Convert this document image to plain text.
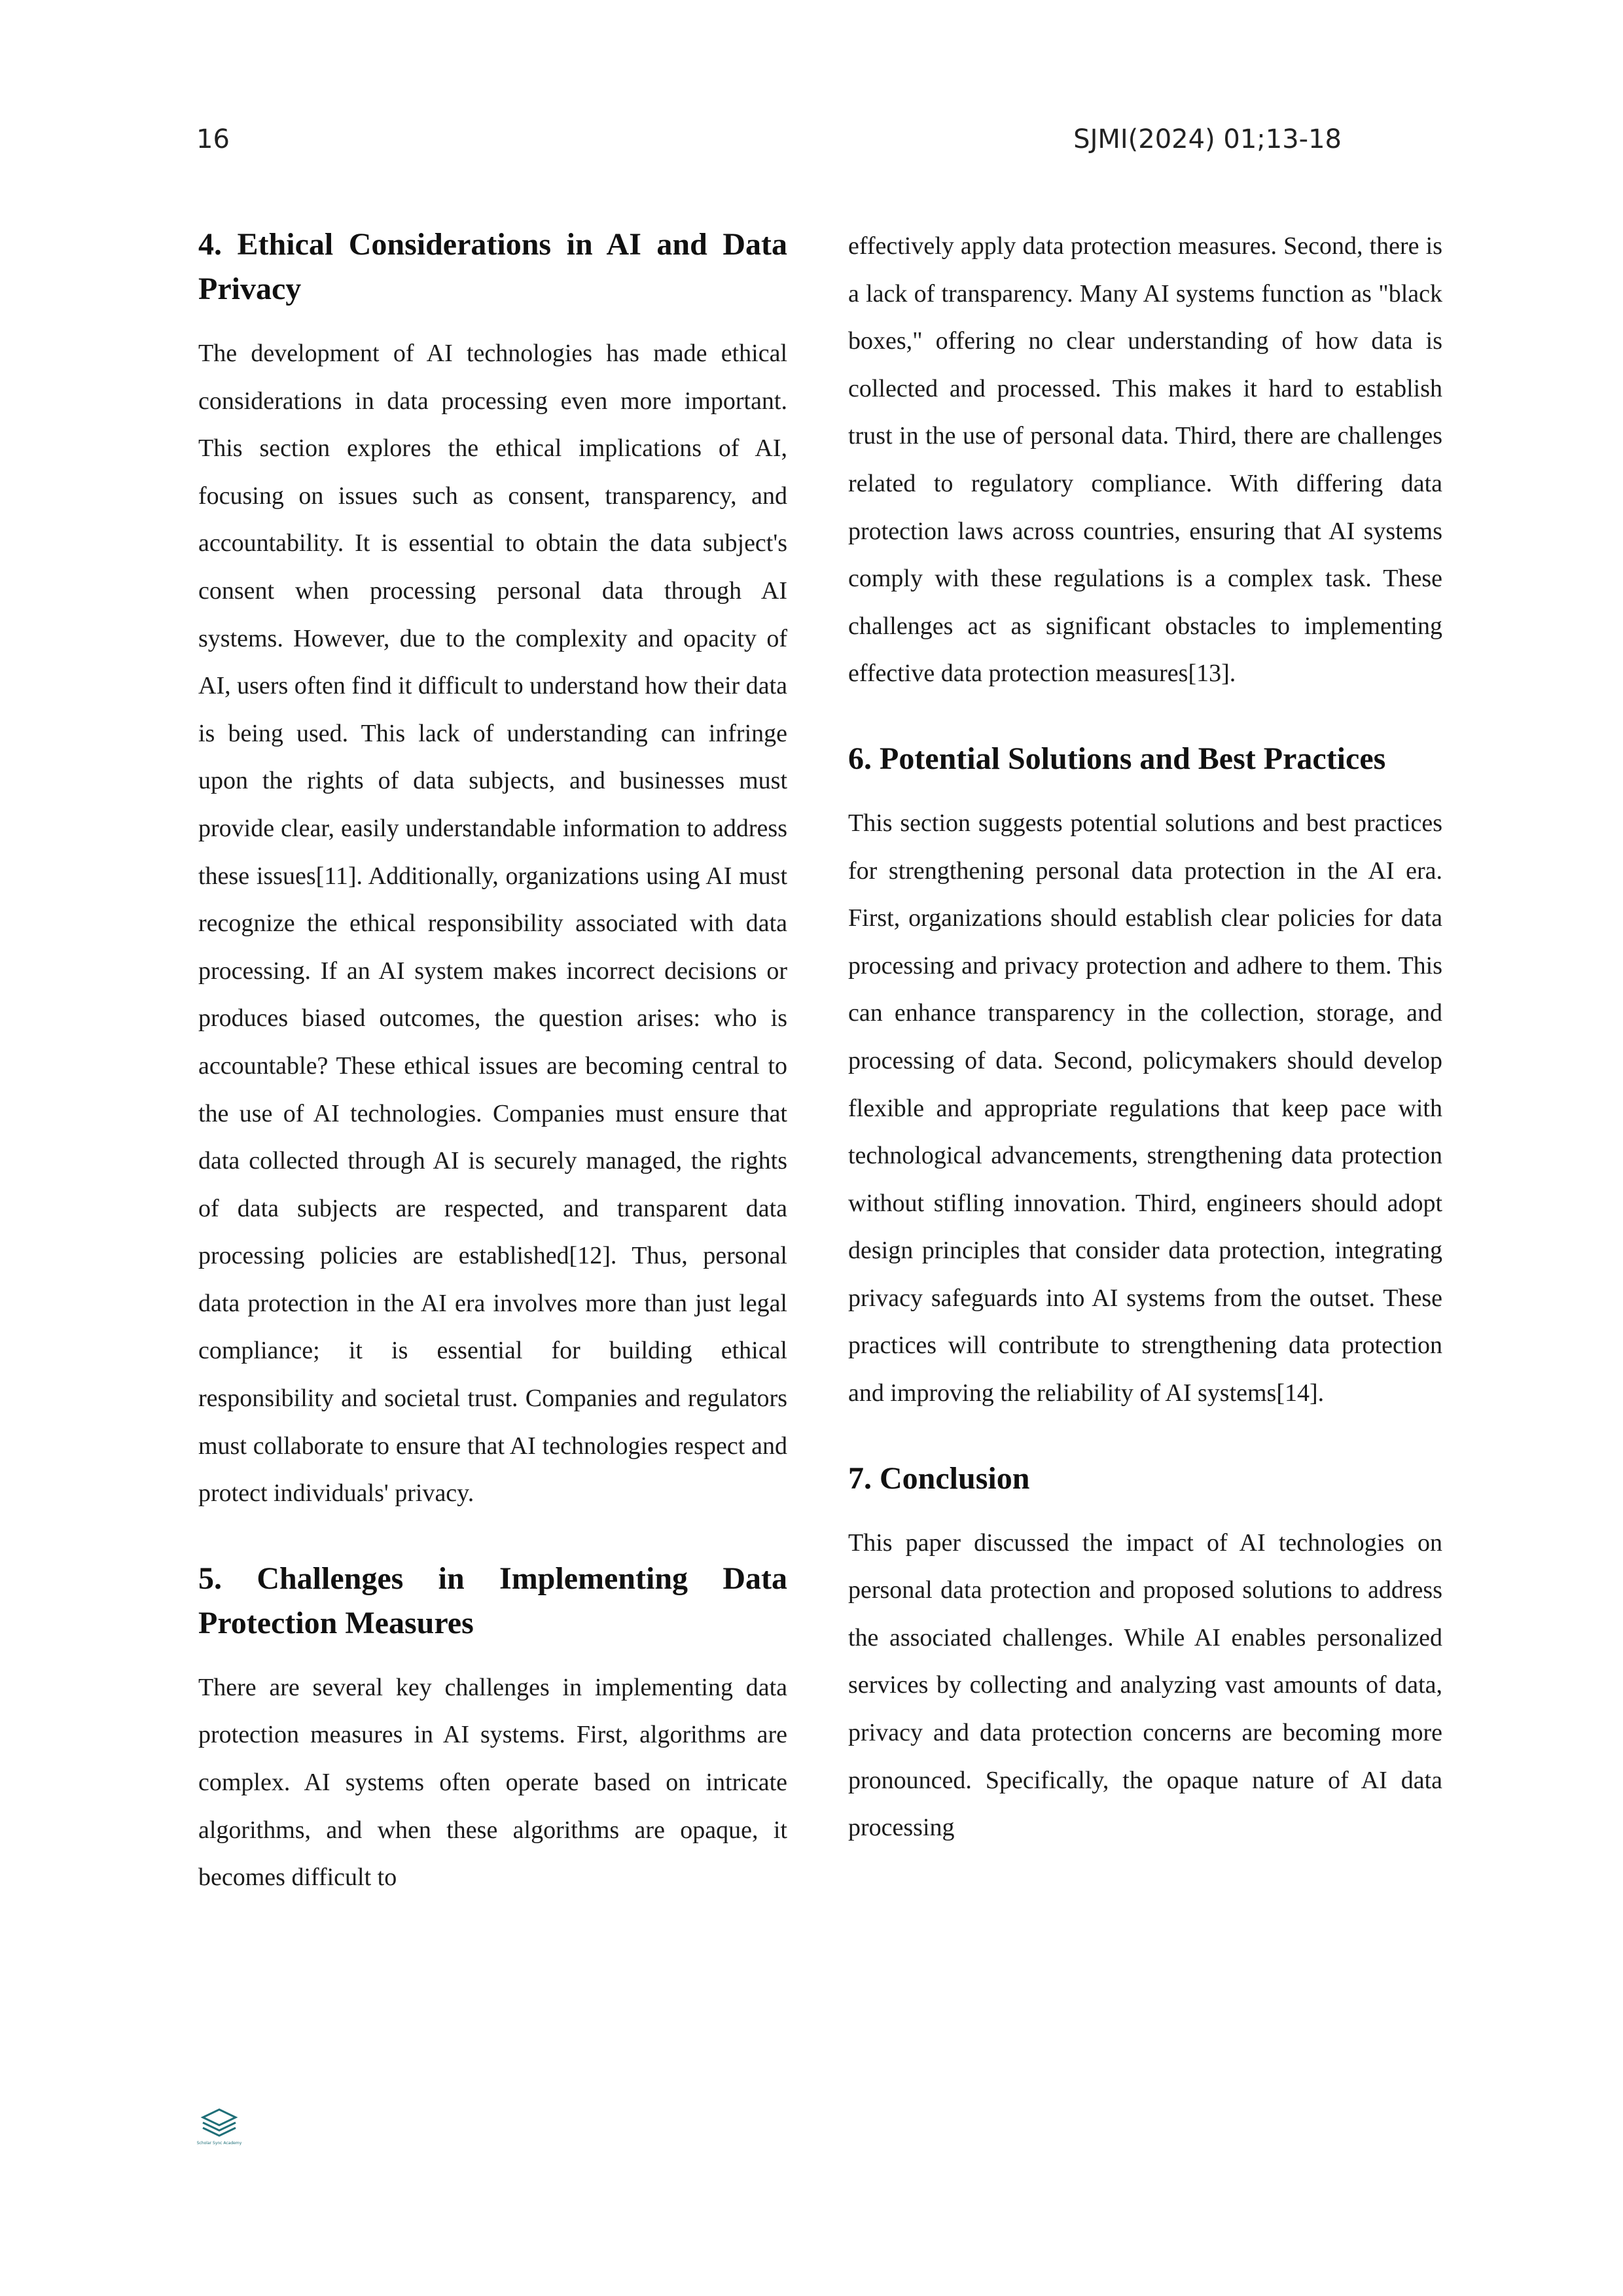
16	SJMI(2024) 01;13-18
4. Ethical Considerations in AI and Data Privacy

The development of AI technologies has made ethical considerations in data processing even more important. This section explores the ethical implications of AI, focusing on issues such as consent, transparency, and accountability. It is essential to obtain the data subject's consent when processing personal data through AI systems. However, due to the complexity and opacity of AI, users often find it difficult to understand how their data is being used. This lack of understanding can infringe upon the rights of data subjects, and businesses must provide clear, easily understandable information to address these issues[11]. Additionally, organizations using AI must recognize the ethical responsibility associated with data processing. If an AI system makes incorrect decisions or produces biased outcomes, the question arises: who is accountable? These ethical issues are becoming central to the use of AI technologies. Companies must ensure that data collected through AI is securely managed, the rights of data subjects are respected, and transparent data processing policies are established[12]. Thus, personal data protection in the AI era involves more than just legal compliance; it is essential for building ethical responsibility and societal trust. Companies and regulators must collaborate to ensure that AI technologies respect and protect individuals' privacy.

5. Challenges in Implementing Data Protection Measures

There are several key challenges in implementing data protection measures in AI systems. First, algorithms are complex. AI systems often operate based on intricate algorithms, and when these algorithms are opaque, it becomes difficult to

effectively apply data protection measures. Second, there is a lack of transparency. Many AI systems function as "black boxes," offering no clear understanding of how data is collected and processed. This makes it hard to establish trust in the use of personal data. Third, there are challenges related to regulatory compliance. With differing data protection laws across countries, ensuring that AI systems comply with these regulations is a complex task. These challenges act as significant obstacles to implementing effective data protection measures[13].

6. Potential Solutions and Best Practices

This section suggests potential solutions and best practices for strengthening personal data protection in the AI era. First, organizations should establish clear policies for data processing and privacy protection and adhere to them. This can enhance transparency in the collection, storage, and processing of data. Second, policymakers should develop flexible and appropriate regulations that keep pace with technological advancements, strengthening data protection without stifling innovation. Third, engineers should adopt design principles that consider data protection, integrating privacy safeguards into AI systems from the outset. These practices will contribute to strengthening data protection and improving the reliability of AI systems[14].

7. Conclusion

This paper discussed the impact of AI technologies on personal data protection and proposed solutions to address the associated challenges. While AI enables personalized services by collecting and analyzing vast amounts of data, privacy and data protection concerns are becoming more pronounced. Specifically, the opaque nature of AI data processing

Scholar Sync Academy
